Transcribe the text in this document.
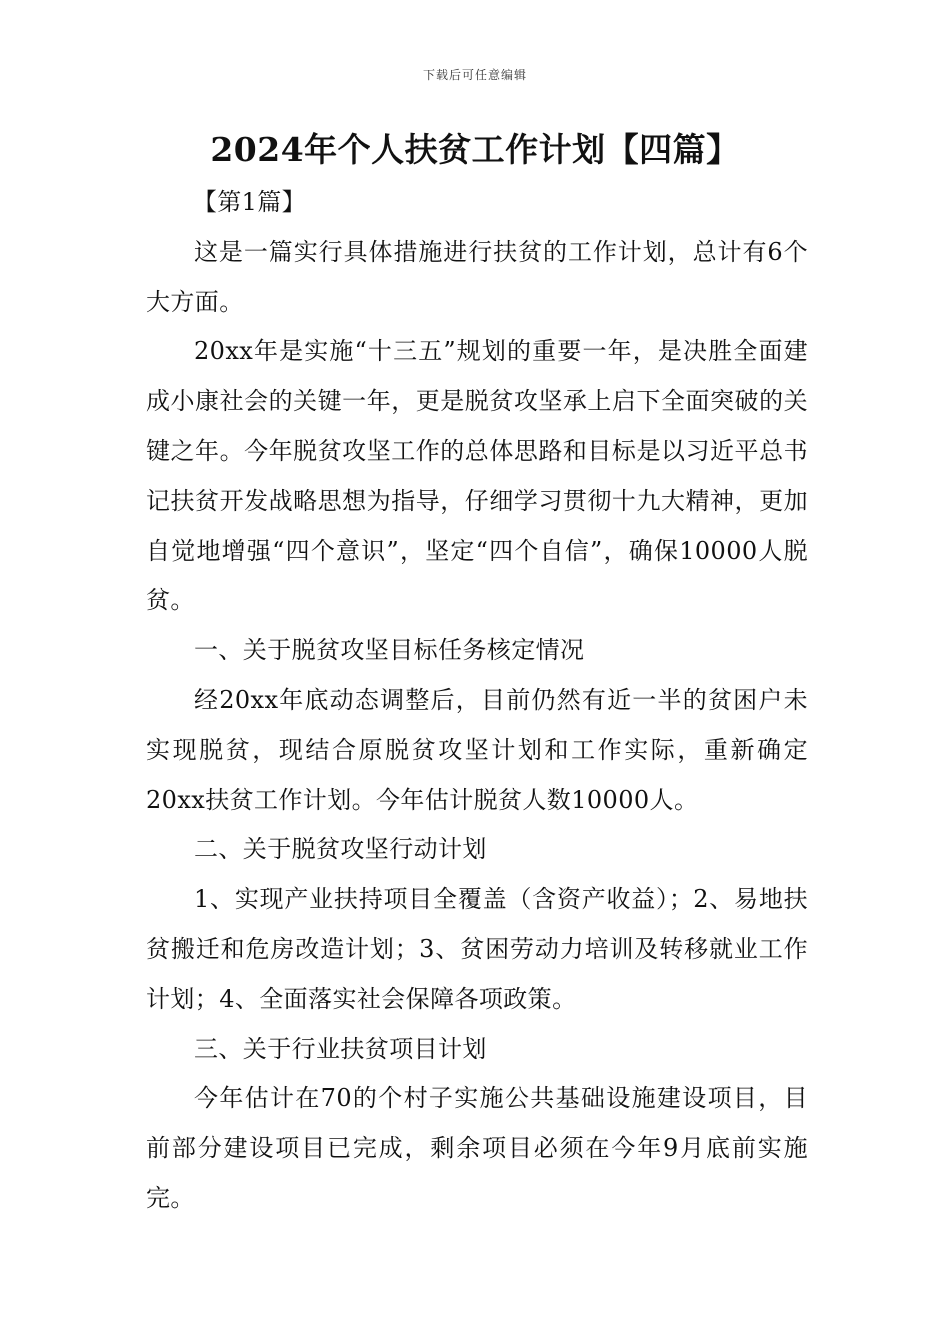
下载后可任意编辑
2024年个人扶贫工作计划【四篇】

【第1篇】

这是一篇实行具体措施进行扶贫的工作计划，总计有6个大方面。

20xx年是实施“十三五”规划的重要一年，是决胜全面建成小康社会的关键一年，更是脱贫攻坚承上启下全面突破的关键之年。今年脱贫攻坚工作的总体思路和目标是以习近平总书记扶贫开发战略思想为指导，仔细学习贯彻十九大精神，更加自觉地增强“四个意识”，坚定“四个自信”，确保10000人脱贫。

一、关于脱贫攻坚目标任务核定情况

经20xx年底动态调整后，目前仍然有近一半的贫困户未实现脱贫，现结合原脱贫攻坚计划和工作实际，重新确定20xx扶贫工作计划。今年估计脱贫人数10000人。

二、关于脱贫攻坚行动计划

1、实现产业扶持项目全覆盖（含资产收益）；2、易地扶贫搬迁和危房改造计划；3、贫困劳动力培训及转移就业工作计划；4、全面落实社会保障各项政策。

三、关于行业扶贫项目计划

今年估计在70的个村子实施公共基础设施建设项目，目前部分建设项目已完成，剩余项目必须在今年9月底前实施完。
